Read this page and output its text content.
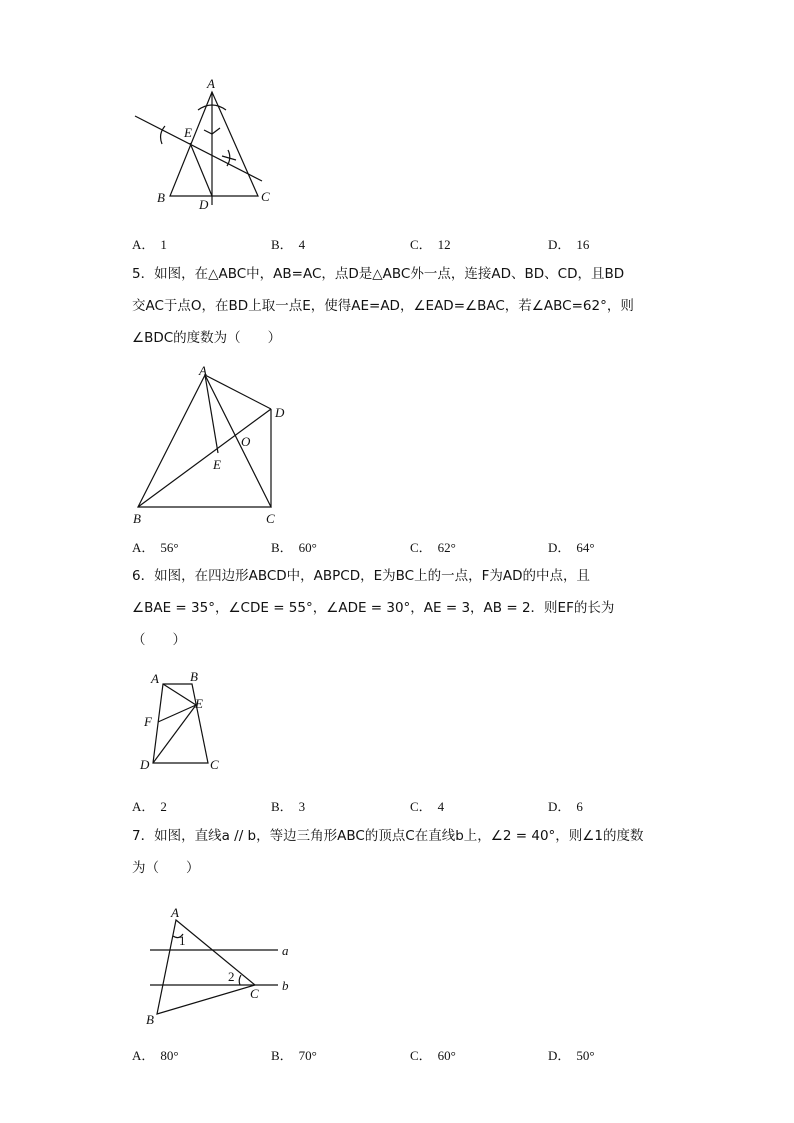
A
E
B	D
C
A． 1	B． 4	C． 12	D． 16

5．如图，在△ABC中，AB=AC，点D是△ABC外一点，连接AD、BD、CD，且BD

交AC于点O，在BD上取一点E，使得AE=AD，∠EAD=∠BAC，若∠ABC=62°，则

∠BDC的度数为（　　）

A
D
O
E
B	C
A． 56°	B． 60°	C． 62°	D． 64°

6．如图，在四边形ABCD中，ABPCD，E为BC上的一点，F为AD的中点，且

∠BAE = 35°，∠CDE = 55°，∠ADE = 30°，AE = 3，AB = 2．则EF的长为

（　　）

A B
E
F
D	C
A． 2	B． 3	C． 4	D． 6

7．如图，直线a // b，等边三角形ABC的顶点C在直线b上，∠2 = 40°，则∠1的度数

为（　　）

A
1
a
2
C
b
B
A． 80°	B． 70°	C． 60°	D． 50°
